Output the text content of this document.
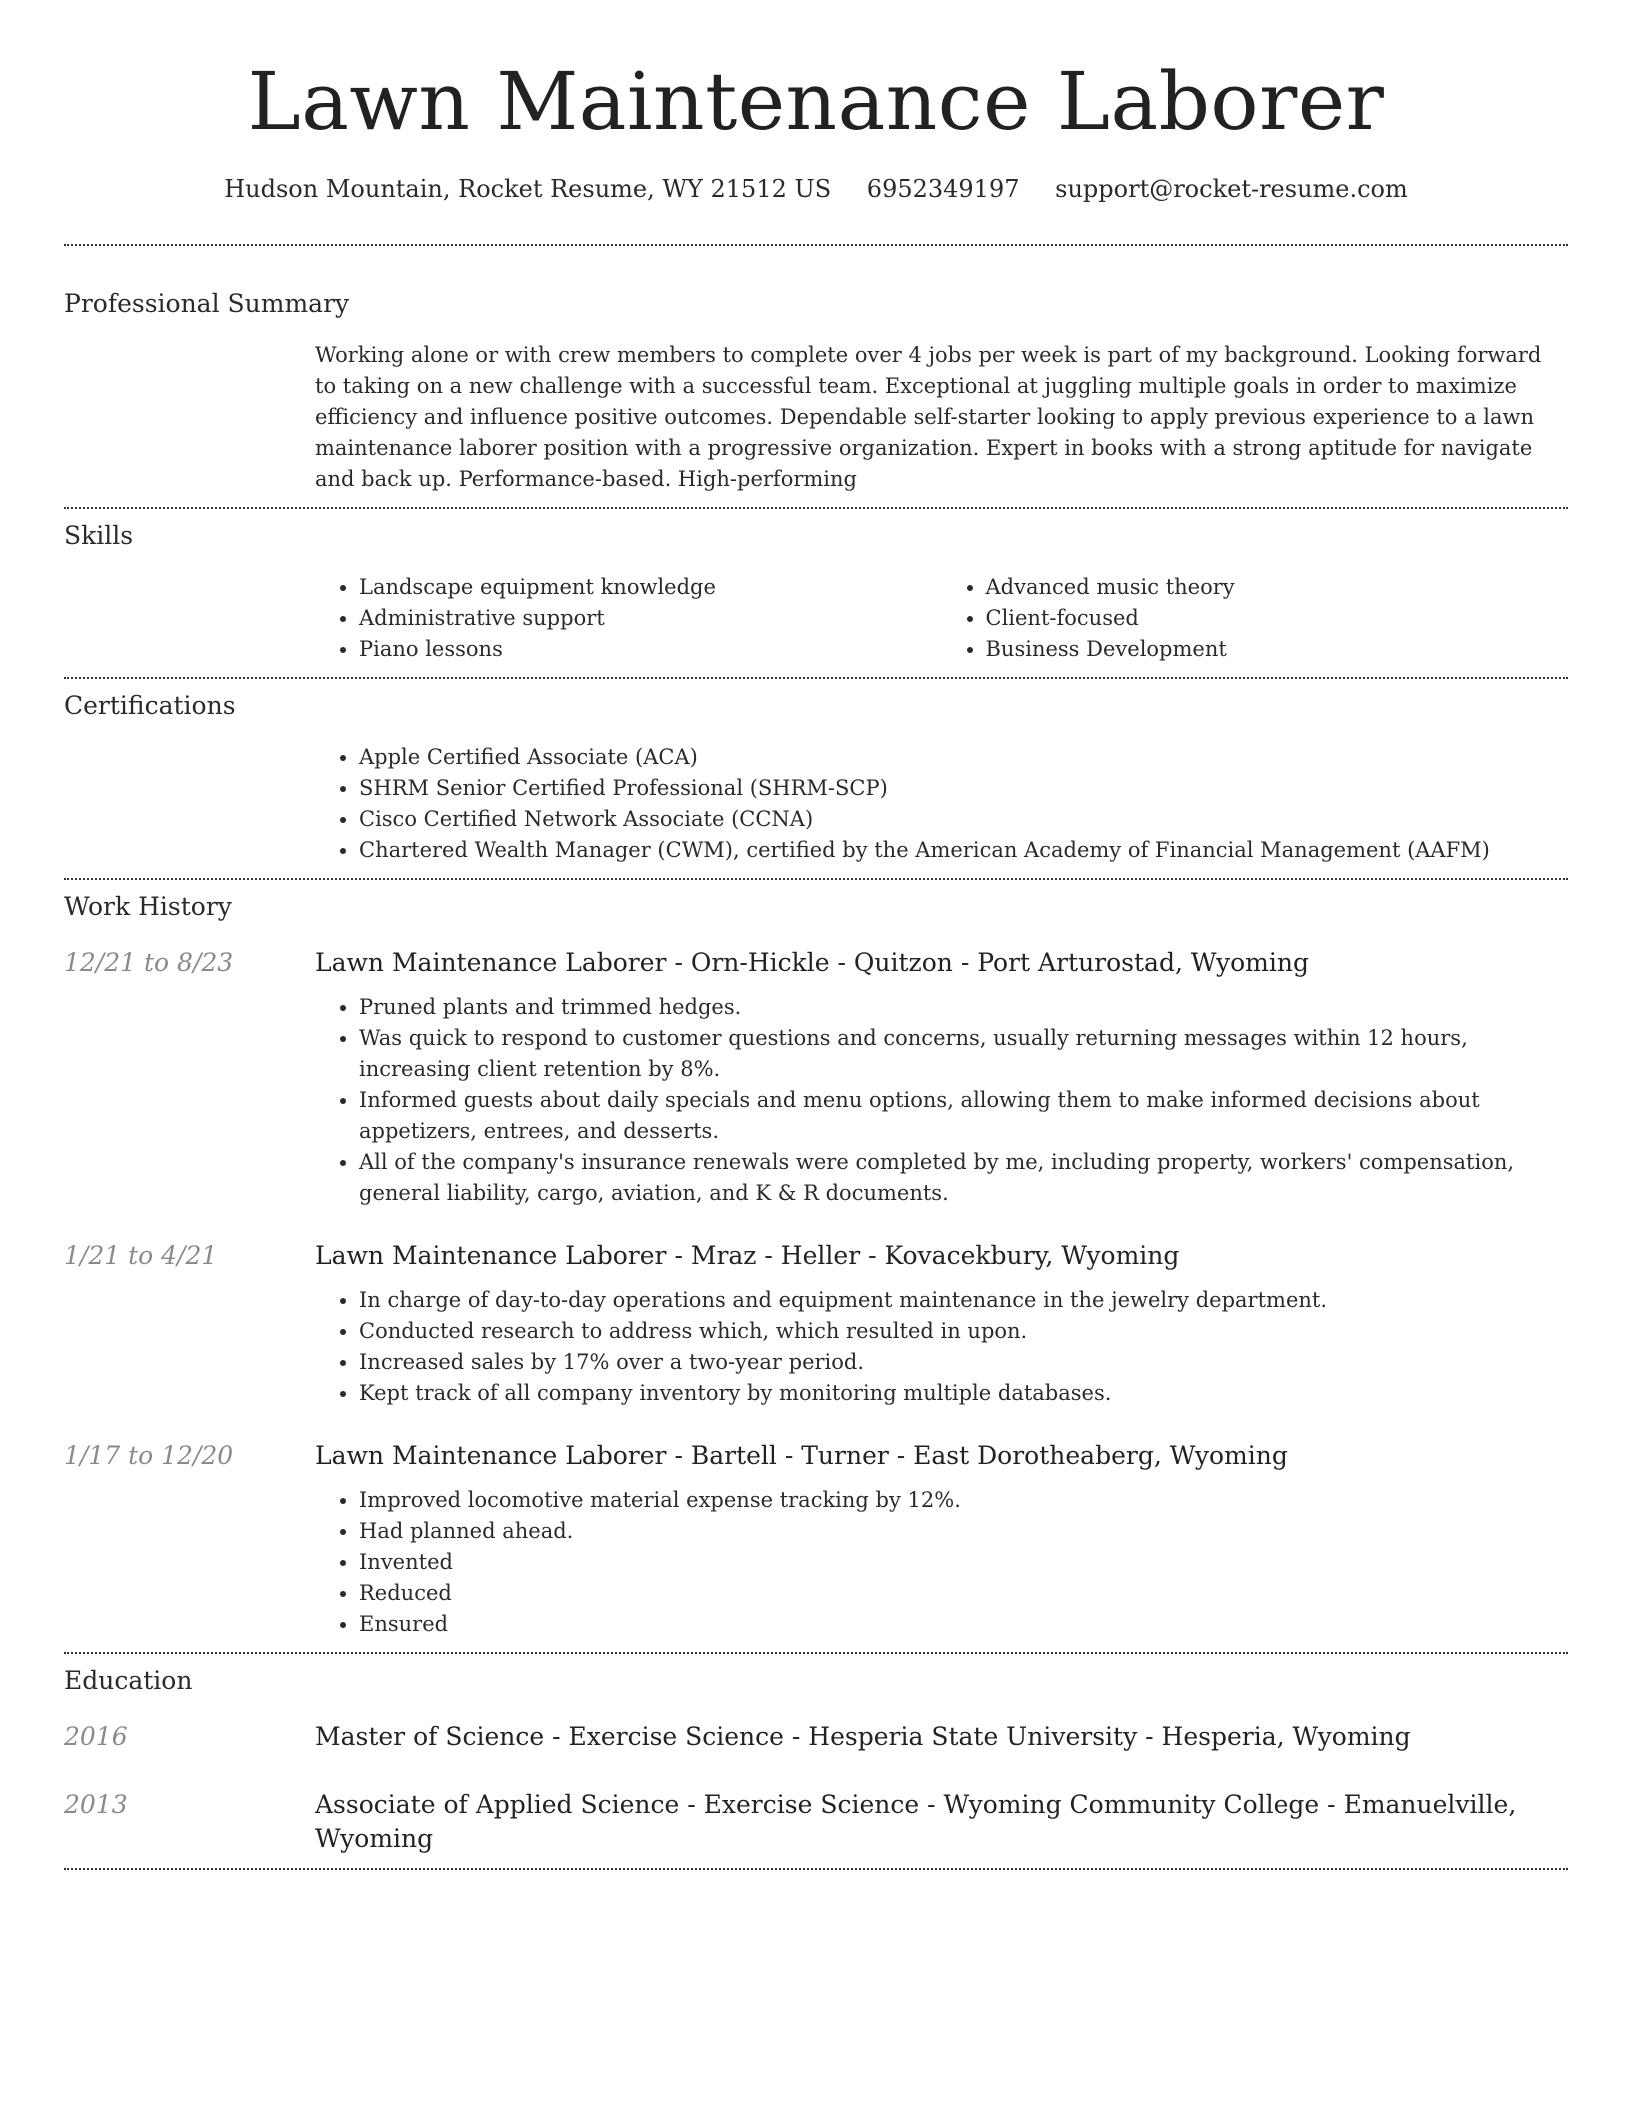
Lawn Maintenance Laborer
Hudson Mountain, Rocket Resume, WY 21512 US 6952349197 support@rocket-resume.com
Professional Summary

Working alone or with crew members to complete over 4 jobs per week is part of my background. Looking forward to taking on a new challenge with a successful team. Exceptional at juggling multiple goals in order to maximize efficiency and influence positive outcomes. Dependable self-starter looking to apply previous experience to a lawn maintenance laborer position with a progressive organization. Expert in books with a strong aptitude for navigate and back up. Performance-based. High-performing

Skills
• Landscape equipment knowledge
• Administrative support
• Piano lessons
• Advanced music theory
• Client-focused
• Business Development
Certifications
• Apple Certified Associate (ACA)
• SHRM Senior Certified Professional (SHRM-SCP)
• Cisco Certified Network Associate (CCNA)
• Chartered Wealth Manager (CWM), certified by the American Academy of Financial Management (AAFM)
Work History
12/21 to 8/23	Lawn Maintenance Laborer - Orn-Hickle - Quitzon - Port Arturostad, Wyoming
• Pruned plants and trimmed hedges.
• Was quick to respond to customer questions and concerns, usually returning messages within 12 hours, increasing client retention by 8%.
• Informed guests about daily specials and menu options, allowing them to make informed decisions about appetizers, entrees, and desserts.
• All of the company's insurance renewals were completed by me, including property, workers' compensation, general liability, cargo, aviation, and K & R documents.
1/21 to 4/21	Lawn Maintenance Laborer - Mraz - Heller - Kovacekbury, Wyoming
• In charge of day-to-day operations and equipment maintenance in the jewelry department.
• Conducted research to address which, which resulted in upon.
• Increased sales by 17% over a two-year period.
• Kept track of all company inventory by monitoring multiple databases.
1/17 to 12/20	Lawn Maintenance Laborer - Bartell - Turner - East Dorotheaberg, Wyoming
• Improved locomotive material expense tracking by 12%.
• Had planned ahead.
• Invented
• Reduced
• Ensured
Education
2016	Master of Science - Exercise Science - Hesperia State University - Hesperia, Wyoming
2013	Associate of Applied Science - Exercise Science - Wyoming Community College - Emanuelville, Wyoming
